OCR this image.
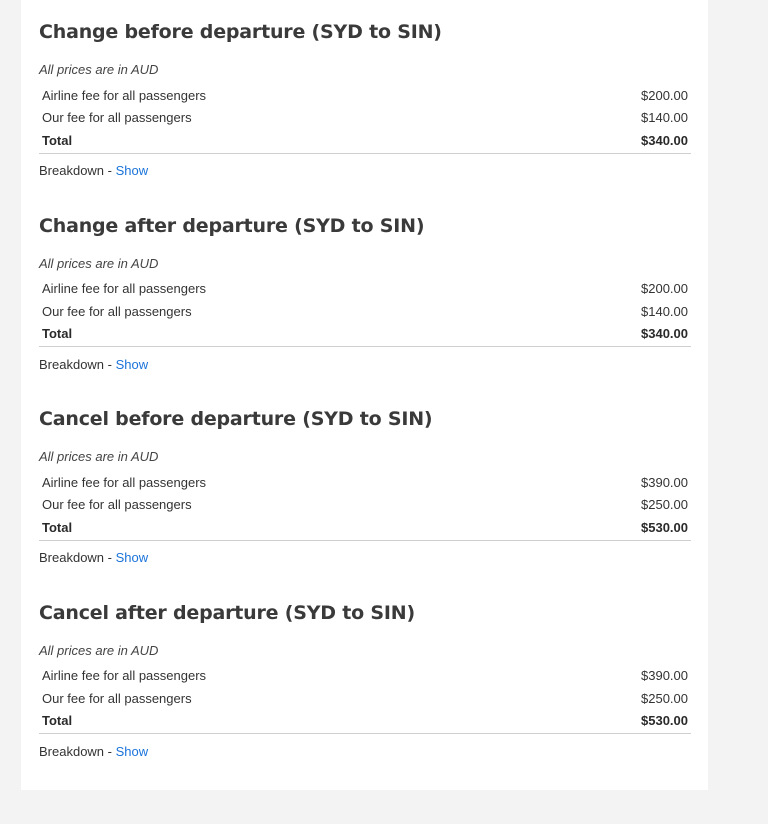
Change before departure (SYD to SIN)
All prices are in AUD
Airline fee for all passengers	$200.00
Our fee for all passengers	$140.00
Total	$340.00
Breakdown - Show
Change after departure (SYD to SIN)
All prices are in AUD
Airline fee for all passengers	$200.00
Our fee for all passengers	$140.00
Total	$340.00
Breakdown - Show
Cancel before departure (SYD to SIN)
All prices are in AUD
Airline fee for all passengers	$390.00
Our fee for all passengers	$250.00
Total	$530.00
Breakdown - Show
Cancel after departure (SYD to SIN)
All prices are in AUD
Airline fee for all passengers	$390.00
Our fee for all passengers	$250.00
Total	$530.00
Breakdown - Show
